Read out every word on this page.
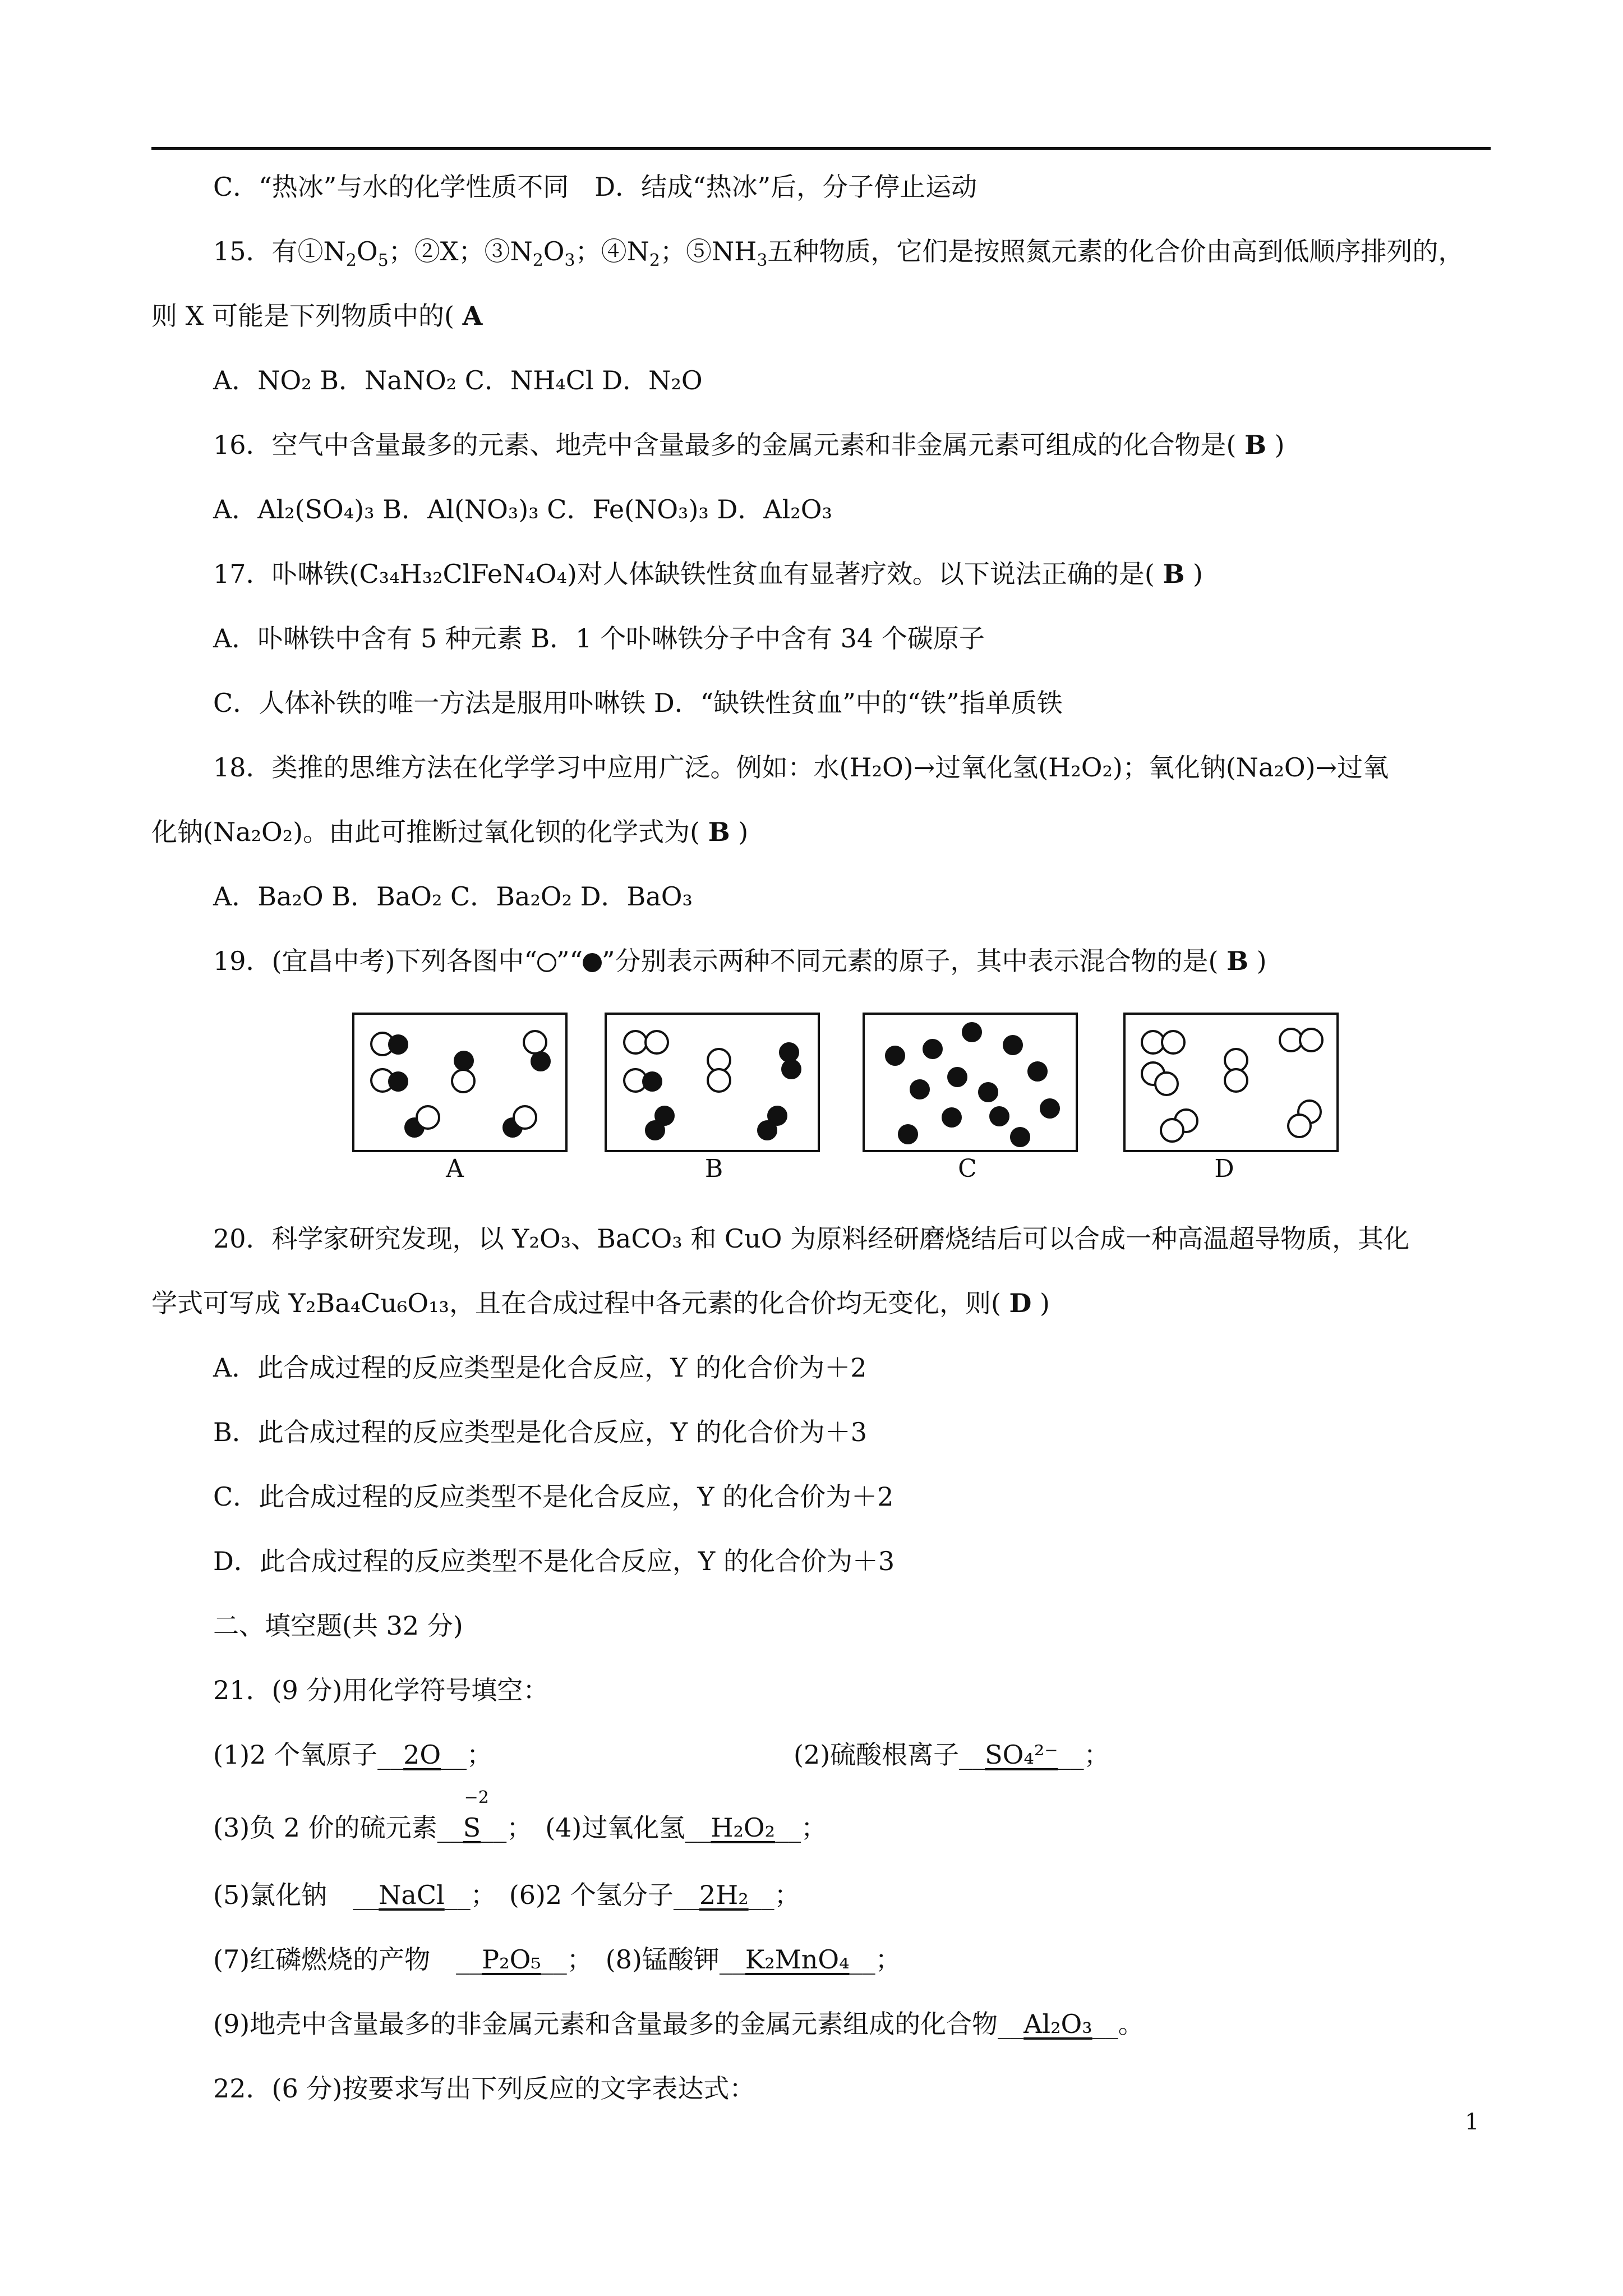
C．“热冰”与水的化学性质不同　 D．结成“热冰”后，分子停止运动
15．有$①N_2O_5$；②X；$③N_2O_3$；$④N_2$；$⑤NH_3$五种物质，它们是按照氮元素的化合价由高到低顺序排列的，
则 X 可能是下列物质中的( A
A．NO₂ B．NaNO₂ C．NH₄Cl D．N₂O
16．空气中含量最多的元素、地壳中含量最多的金属元素和非金属元素可组成的化合物是( B )
A．Al₂(SO₄)₃ B．Al(NO₃)₃ C．Fe(NO₃)₃ D．Al₂O₃
17．卟啉铁(C₃₄H₃₂ClFeN₄O₄)对人体缺铁性贫血有显著疗效。以下说法正确的是( B )
A．卟啉铁中含有 5 种元素 B．1 个卟啉铁分子中含有 34 个碳原子
C．人体补铁的唯一方法是服用卟啉铁 D．“缺铁性贫血”中的“铁”指单质铁
18．类推的思维方法在化学学习中应用广泛。例如：水(H₂O)→过氧化氢(H₂O₂)；氧化钠(Na₂O)→过氧
化钠(Na₂O₂)。由此可推断过氧化钡的化学式为( B )
A．Ba₂O B．BaO₂ C．Ba₂O₂ D．BaO₃
19．(宜昌中考)下列各图中“ ”“ ”分别表示两种不同元素的原子，其中表示混合物的是( B )
A	B	C	D
20．科学家研究发现，以 Y₂O₃、BaCO₃ 和 CuO 为原料经研磨烧结后可以合成一种高温超导物质，其化
学式可写成 Y₂Ba₄Cu₆O₁₃，且在合成过程中各元素的化合价均无变化，则( D )
A．此合成过程的反应类型是化合反应，Y 的化合价为＋2
B．此合成过程的反应类型是化合反应，Y 的化合价为＋3
C．此合成过程的反应类型不是化合反应，Y 的化合价为＋2
D．此合成过程的反应类型不是化合反应，Y 的化合价为＋3
二、填空题(共 32 分)
21．(9 分)用化学符号填空：
(1)2 个氧原子__2O__；	(2)硫酸根离子__SO₄²⁻__；
(3)负 2 价的硫元素__
−2
S__；　(4)过氧化氢__H₂O₂__；
(5)氯化钠　__NaCl__；　(6)2 个氢分子__2H₂__；
(7)红磷燃烧的产物　__P₂O₅__；　(8)锰酸钾__K₂MnO₄__；
(9)地壳中含量最多的非金属元素和含量最多的金属元素组成的化合物__Al₂O₃__。
22．(6 分)按要求写出下列反应的文字表达式：
1
